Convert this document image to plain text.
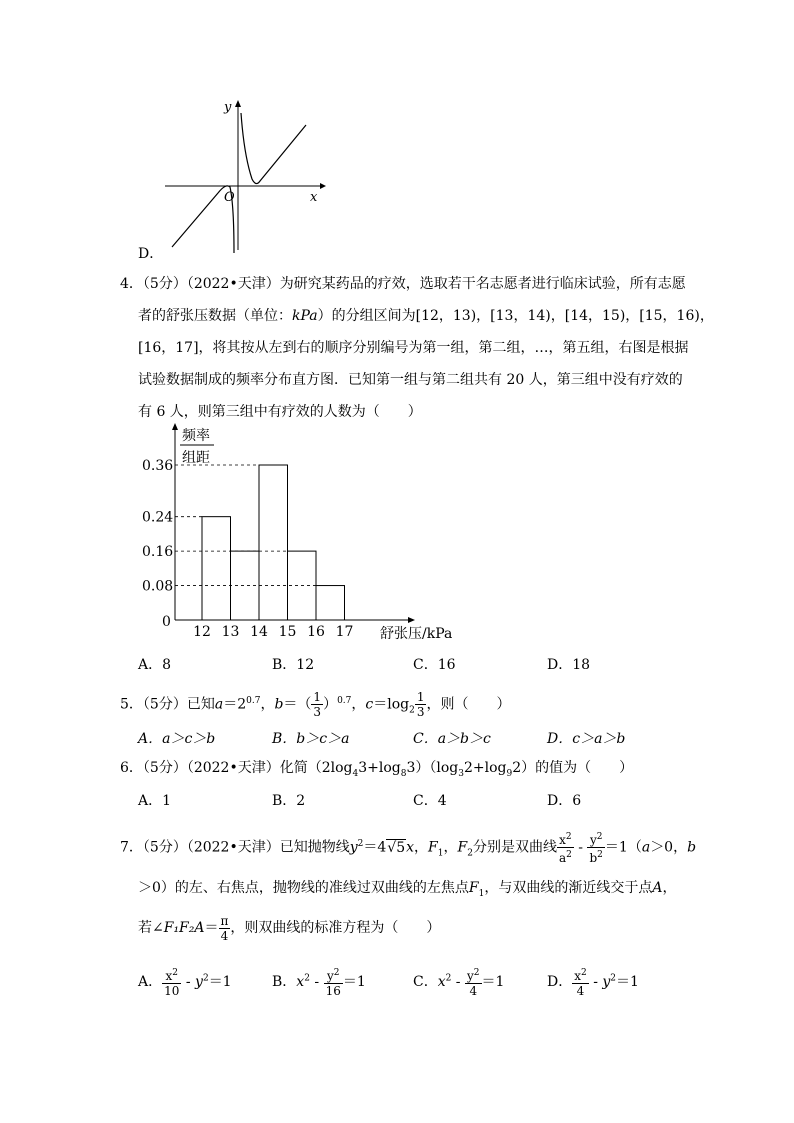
y
x
O
D．
4．（5分）（2022•天津）为研究某药品的疗效，选取若干名志愿者进行临床试验，所有志愿
者的舒张压数据（单位：kPa）的分组区间为[12，13)，[13，14)，[14，15)，[15，16)，
[16，17]，将其按从左到右的顺序分别编号为第一组，第二组，…，第五组，右图是根据
试验数据制成的频率分布直方图．已知第一组与第二组共有 20 人，第三组中没有疗效的
有 6 人，则第三组中有疗效的人数为（　　）
频率
组距
0
舒张压/kPa
0.08
0.16
0.24
0.36
12 13 14 15 16 17
A．8	B．12	C．16	D．18
5．（5分）已知$a=2^{0.7}$，$b=( \frac{1}{3} )^{0.7}$，$c=\log_2 \frac{1}{3}$ ，则（　　）
A．a＞c＞b	B．b＞c＞a	C．a＞b＞c	D．c＞a＞b
6．（5分）（2022•天津）化简$(2\log_43+\log_83)(\log_32+\log_92)$的值为（　　）
A．1	B．2	C．4	D．6
7．（5分）（2022•天津）已知抛物线$y^2=4√5x$，$F_1$，$F_2$分别是双曲线 $\frac{x^2}{a^2} - \frac{y^2}{b^2} =1(a>0$，b
＞0）的左、右焦点，抛物线的准线过双曲线的左焦点$F_1$，与双曲线的渐近线交于点A，
若∠F₁F₂A＝ $\frac{\pi}{4}$ ，则双曲线的标准方程为（　　）
A． $\frac{x^2}{10} - y^2=1$	B．$x^2 - \frac{y^2}{16} =1$	C．$x^2 - \frac{y^2}{4} =1$	D． $\frac{x^2}{4} - y^2=1$
